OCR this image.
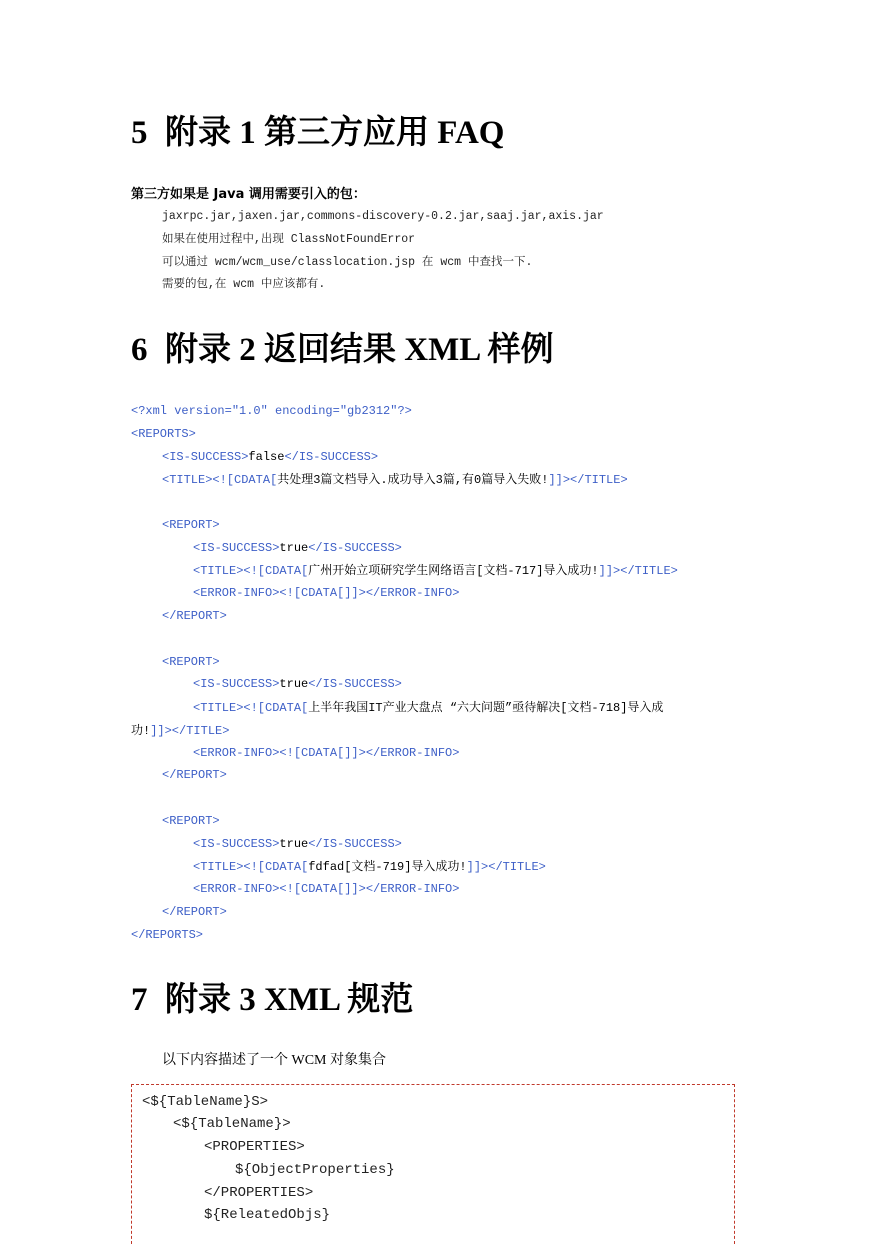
5 附录 1 第三方应用 FAQ

第三方如果是 Java 调用需要引入的包：

jaxrpc.jar,jaxen.jar,commons-discovery-0.2.jar,saaj.jar,axis.jar

如果在使用过程中,出现 ClassNotFoundError

可以通过 wcm/wcm_use/classlocation.jsp 在 wcm 中查找一下.

需要的包,在 wcm 中应该都有.

6 附录 2 返回结果 XML 样例

<?xml version="1.0" encoding="gb2312"?>

<REPORTS>

<IS-SUCCESS>false</IS-SUCCESS>

<TITLE><![CDATA[共处理3篇文档导入.成功导入3篇,有0篇导入失败!]]></TITLE>

<REPORT>

<IS-SUCCESS>true</IS-SUCCESS>

<TITLE><![CDATA[广州开始立项研究学生网络语言[文档-717]导入成功!]]></TITLE>

<ERROR-INFO><![CDATA[]]></ERROR-INFO>

</REPORT>

<REPORT>

<IS-SUCCESS>true</IS-SUCCESS>

<TITLE><![CDATA[上半年我国IT产业大盘点 “六大问题”亟待解决[文档-718]导入成

功!]]></TITLE>

<ERROR-INFO><![CDATA[]]></ERROR-INFO>

</REPORT>

<REPORT>

<IS-SUCCESS>true</IS-SUCCESS>

<TITLE><![CDATA[fdfad[文档-719]导入成功!]]></TITLE>

<ERROR-INFO><![CDATA[]]></ERROR-INFO>

</REPORT>

</REPORTS>

7 附录 3 XML 规范

以下内容描述了一个 WCM 对象集合

<${TableName}S>

<${TableName}>

<PROPERTIES>

${ObjectProperties}

</PROPERTIES>

${ReleatedObjs}
